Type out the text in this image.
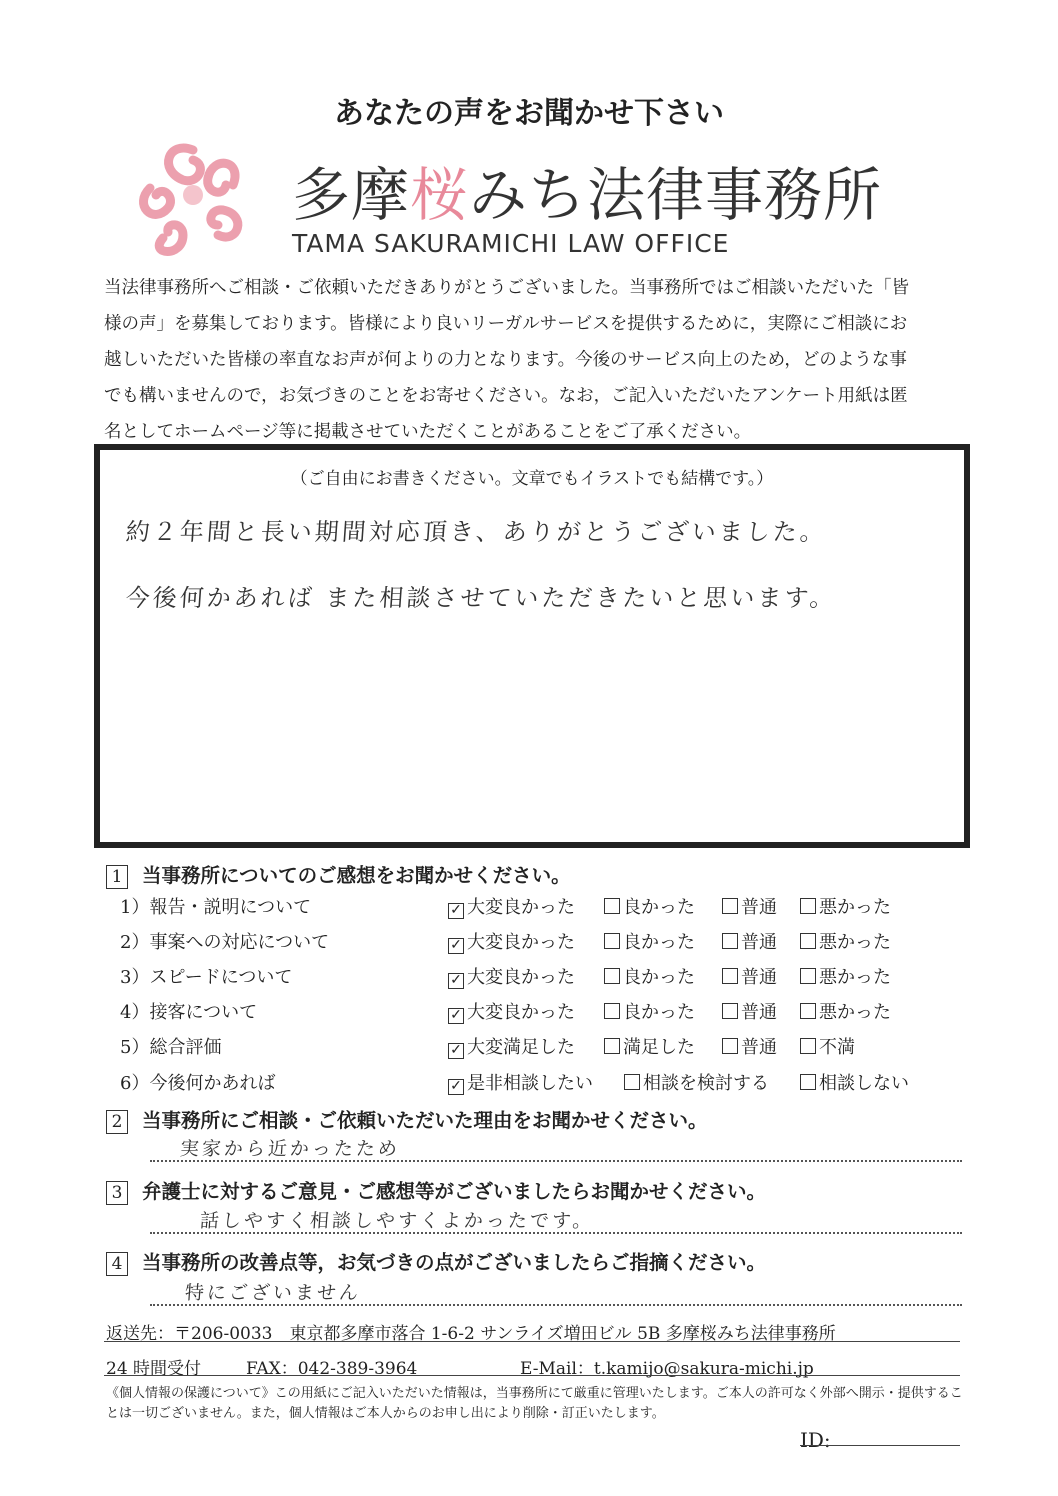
あなたの声をお聞かせ下さい
多摩桜みち法律事務所
TAMA SAKURAMICHI LAW OFFICE
当法律事務所へご相談・ご依頼いただきありがとうございました。当事務所ではご相談いただいた「皆
様の声」を募集しております。皆様により良いリーガルサービスを提供するために，実際にご相談にお
越しいただいた皆様の率直なお声が何よりの力となります。今後のサービス向上のため，どのような事
でも構いませんので，お気づきのことをお寄せください。なお，ご記入いただいたアンケート用紙は匿
名としてホームページ等に掲載させていただくことがあることをご了承ください。
（ご自由にお書きください。文章でもイラストでも結構です。）
約２年間と長い期間対応頂き、ありがとうございました。
今後何かあれば また相談させていただきたいと思います。
1 当事務所についてのご感想をお聞かせください。
1）報告・説明について	✓ 大変良かった	良かった	普通	悪かった
2）事案への対応について	✓ 大変良かった	良かった	普通	悪かった
3）スピードについて	✓ 大変良かった	良かった	普通	悪かった
4）接客について	✓ 大変良かった	良かった	普通	悪かった
5）総合評価	✓ 大変満足した	満足した	普通	不満
6）今後何かあれば	✓ 是非相談したい	相談を検討する	相談しない
2 当事務所にご相談・ご依頼いただいた理由をお聞かせください。
実家から近かったため
3 弁護士に対するご意見・ご感想等がございましたらお聞かせください。
話しやすく相談しやすくよかったです。
4 当事務所の改善点等，お気づきの点がございましたらご指摘ください。
特にございません
返送先：〒206-0033　東京都多摩市落合 1-6-2 サンライズ増田ビル 5B 多摩桜みち法律事務所
24 時間受付	FAX：042-389-3964	E-Mail：t.kamijo@sakura-michi.jp
《個人情報の保護について》この用紙にご記入いただいた情報は，当事務所にて厳重に管理いたします。ご本人の許可なく外部へ開示・提供することは一切ございません。また，個人情報はご本人からのお申し出により削除・訂正いたします。
ID:
